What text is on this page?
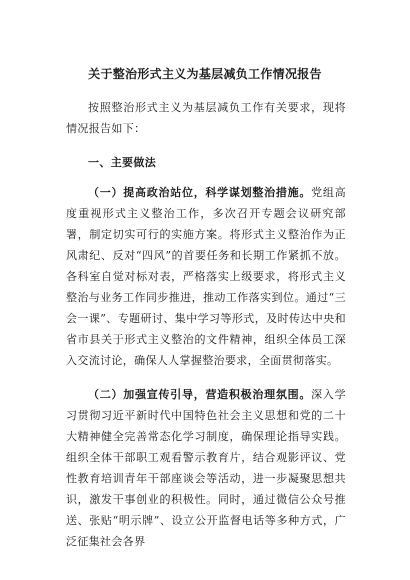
关于整治形式主义为基层减负工作情况报告
按照整治形式主义为基层减负工作有关要求，现将情况报告如下：
一、主要做法
（一）提高政治站位，科学谋划整治措施。党组高度重视形式主义整治工作，多次召开专题会议研究部署，制定切实可行的实施方案。将形式主义整治作为正风肃纪、反对“四风”的首要任务和长期工作紧抓不放。各科室自觉对标对表，严格落实上级要求，将形式主义整治与业务工作同步推进，推动工作落实到位。通过“三会一课”、专题研讨、集中学习等形式，及时传达中央和省市县关于形式主义整治的文件精神，组织全体员工深入交流讨论，确保人人掌握整治要求，全面贯彻落实。
（二）加强宣传引导，营造积极治理氛围。深入学习贯彻习近平新时代中国特色社会主义思想和党的二十大精神健全完善常态化学习制度，确保理论指导实践。组织全体干部职工观看警示教育片，结合观影评议、党性教育培训青年干部座谈会等活动，进一步凝聚思想共识，激发干事创业的积极性。同时，通过微信公众号推送、张贴“明示牌”、设立公开监督电话等多种方式，广泛征集社会各界
